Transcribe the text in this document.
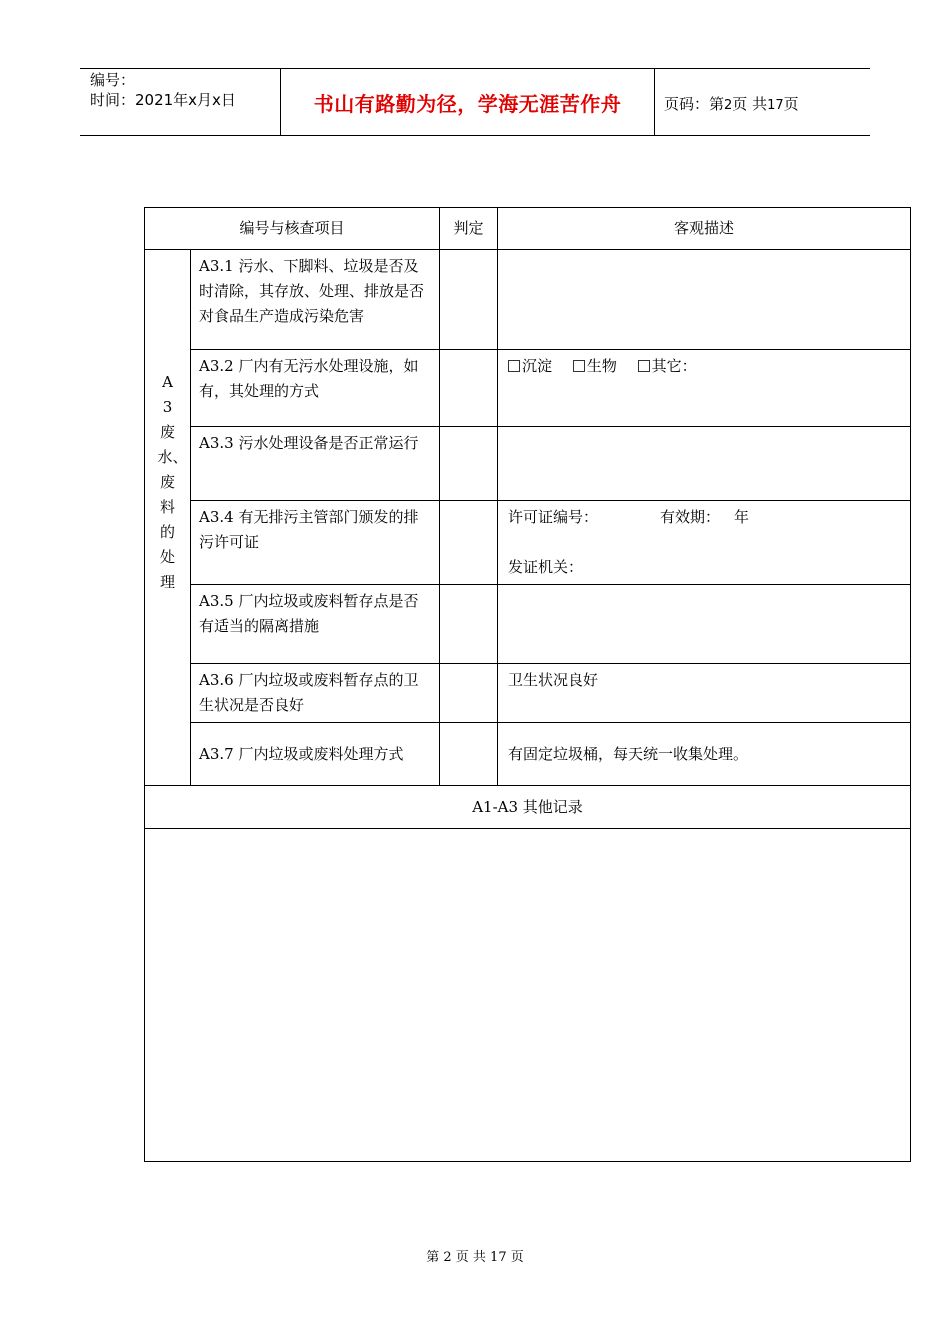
编号：
时间：2021年x月x日	书山有路勤为径，学海无涯苦作舟	页码：第2页 共17页
编号与核查项目		判定	客观描述

A3废水、废料的处理	A3.1 污水、下脚料、垃圾是否及时清除，其存放、处理、排放是否对食品生产造成污染危害		
	A3.2 厂内有无污水处理设施，如有，其处理的方式		沉淀 生物 其它：
	A3.3 污水处理设备是否正常运行		
	A3.4 有无排污主管部门颁发的排污许可证		许可证编号： 有效期： 年
发证机关：

	A3.5 厂内垃圾或废料暂存点是否有适当的隔离措施		
	A3.6 厂内垃圾或废料暂存点的卫生状况是否良好		卫生状况良好
	A3.7 厂内垃圾或废料处理方式		有固定垃圾桶，每天统一收集处理。
A1-A3 其他记录			

第 2 页 共 17 页
